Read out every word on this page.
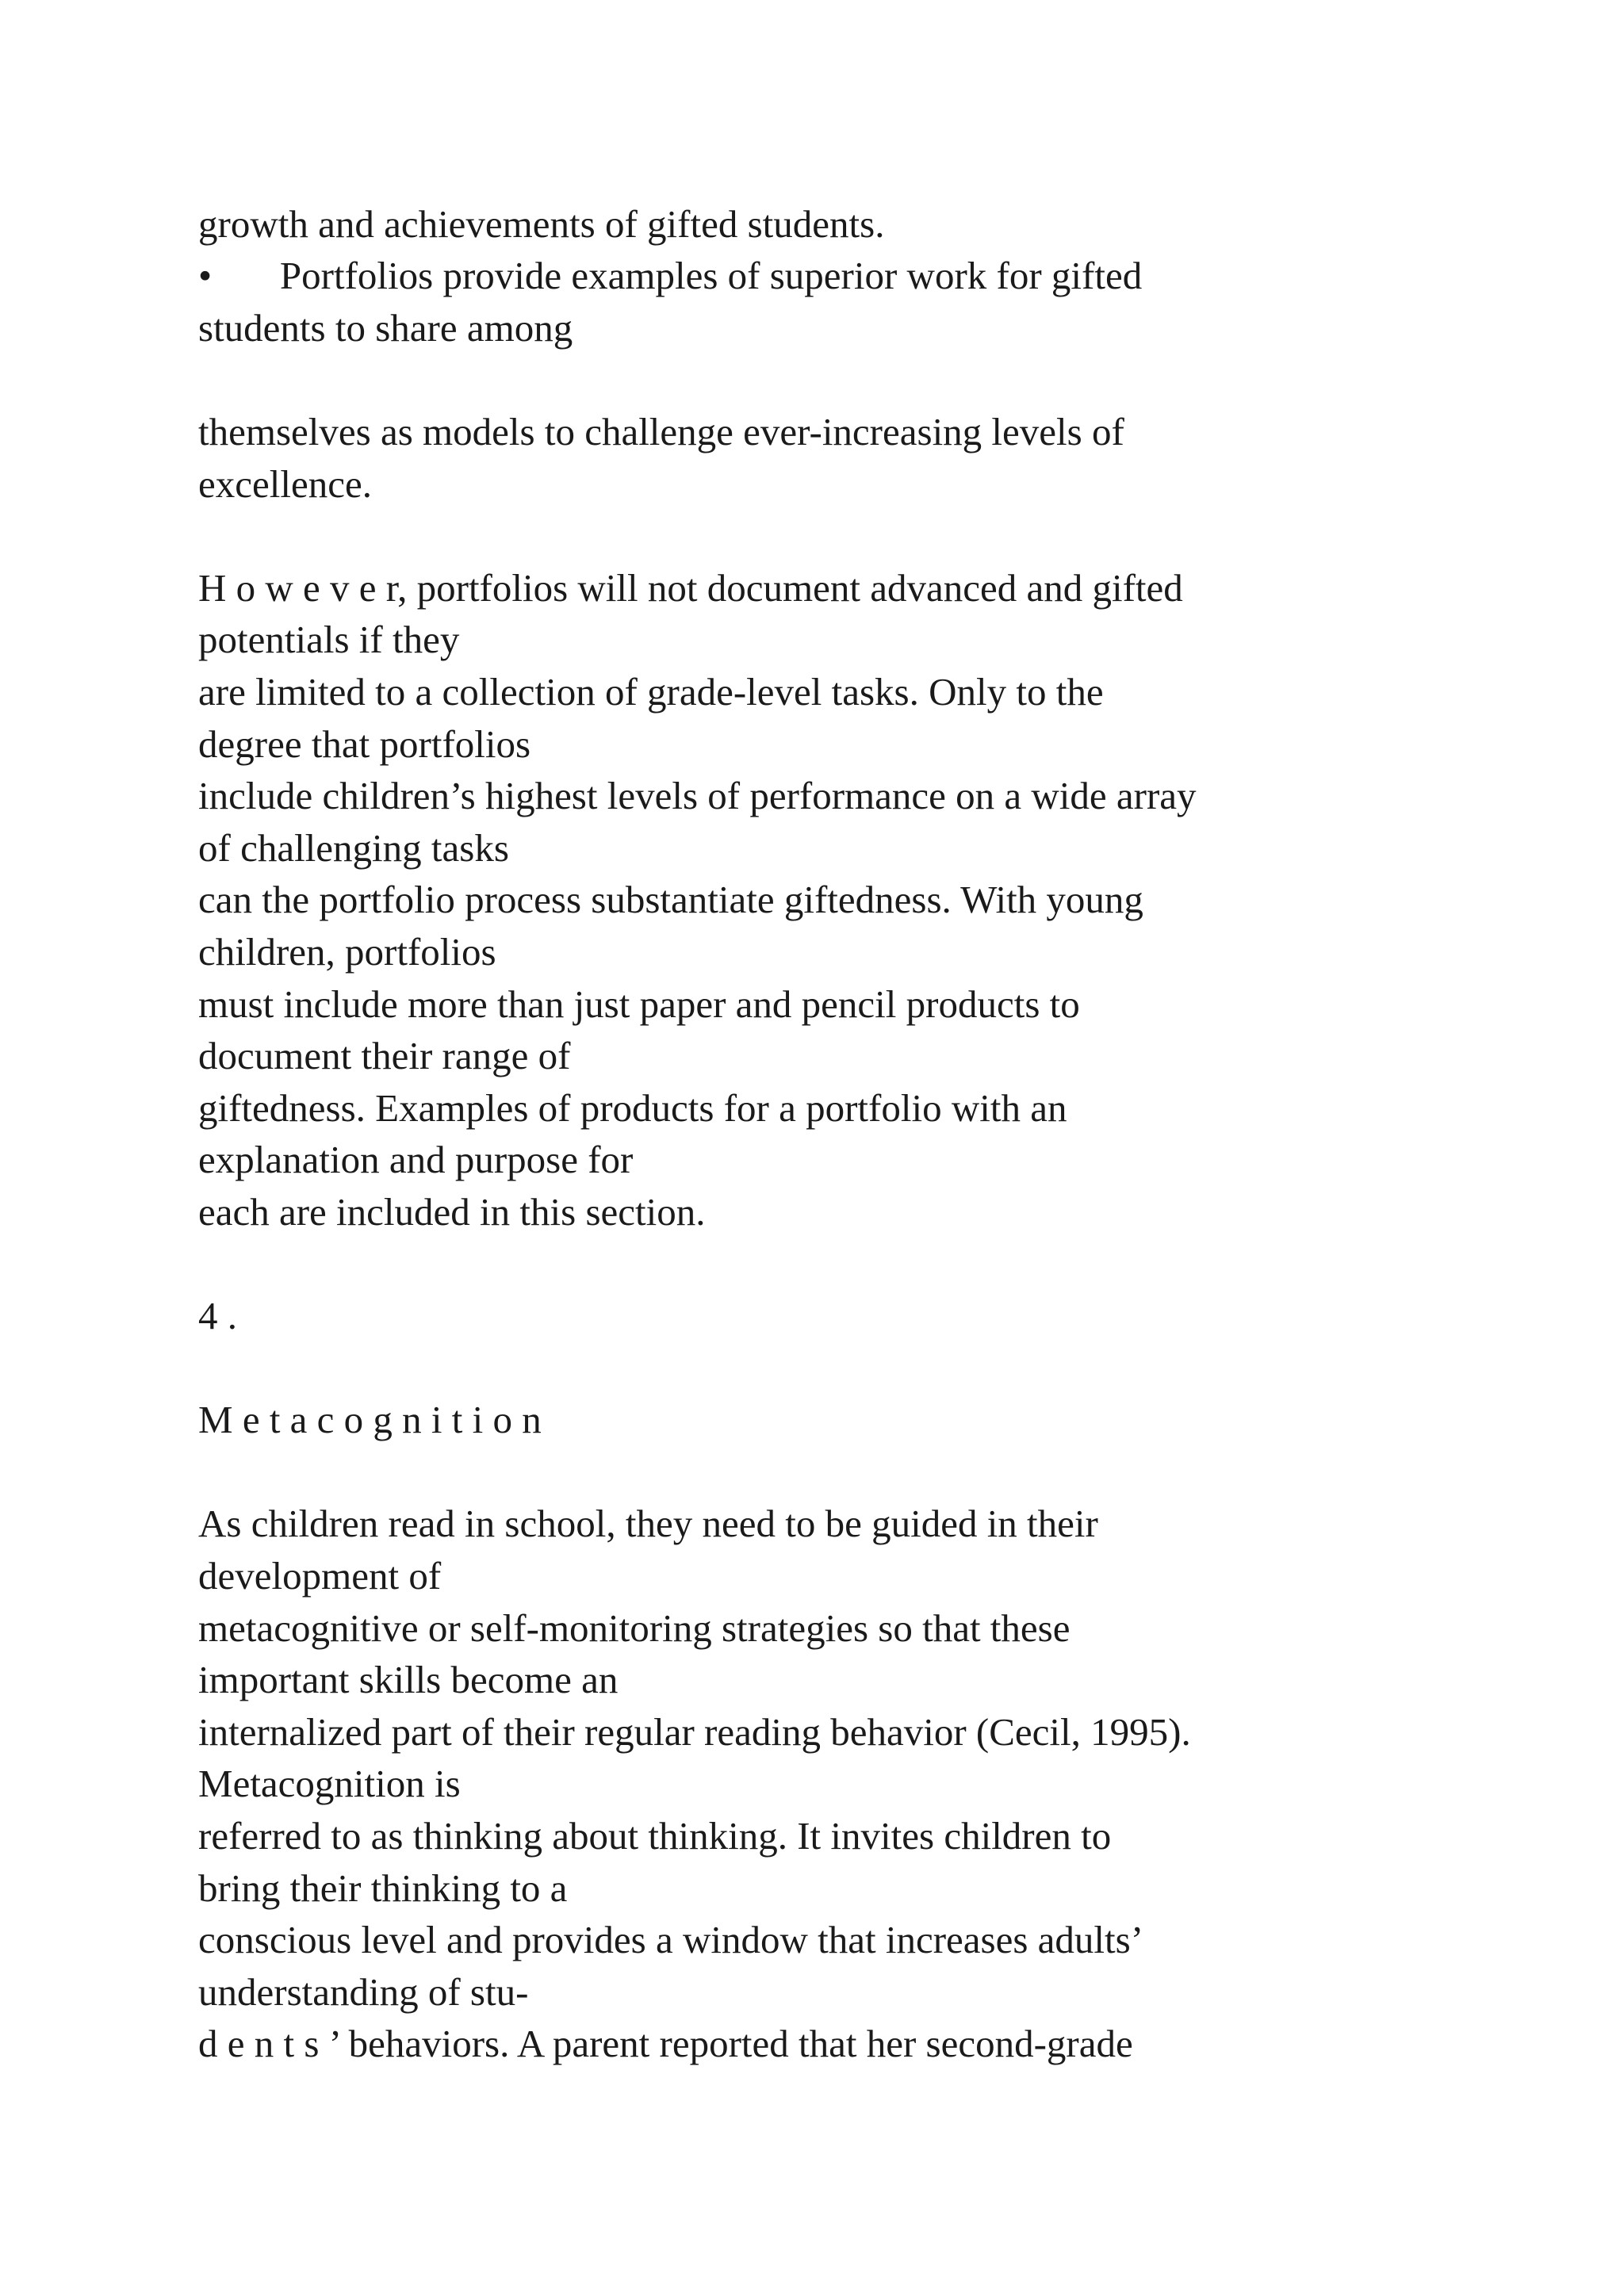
growth and achievements of gifted students.

•       Portfolios provide examples of superior work for gifted

students to share among

themselves as models to challenge ever-increasing levels of

excellence.

H o w e v e r, portfolios will not document advanced and gifted

potentials if they

are limited to a collection of grade-level tasks. Only to the

degree that portfolios

include children’s highest levels of performance on a wide array

of challenging tasks

can the portfolio process substantiate giftedness. With young

children, portfolios

must include more than just paper and pencil products to

document their range of

giftedness. Examples of products for a portfolio with an

explanation and purpose for

each are included in this section.

4 .

M e t a c o g n i t i o n

As children read in school, they need to be guided in their

development of

metacognitive or self-monitoring strategies so that these

important skills become an

internalized part of their regular reading behavior (Cecil, 1995).

Metacognition is

referred to as thinking about thinking. It invites children to

bring their thinking to a

conscious level and provides a window that increases adults’

understanding of stu-

d e n t s ’ behaviors. A parent reported that her second-grade
